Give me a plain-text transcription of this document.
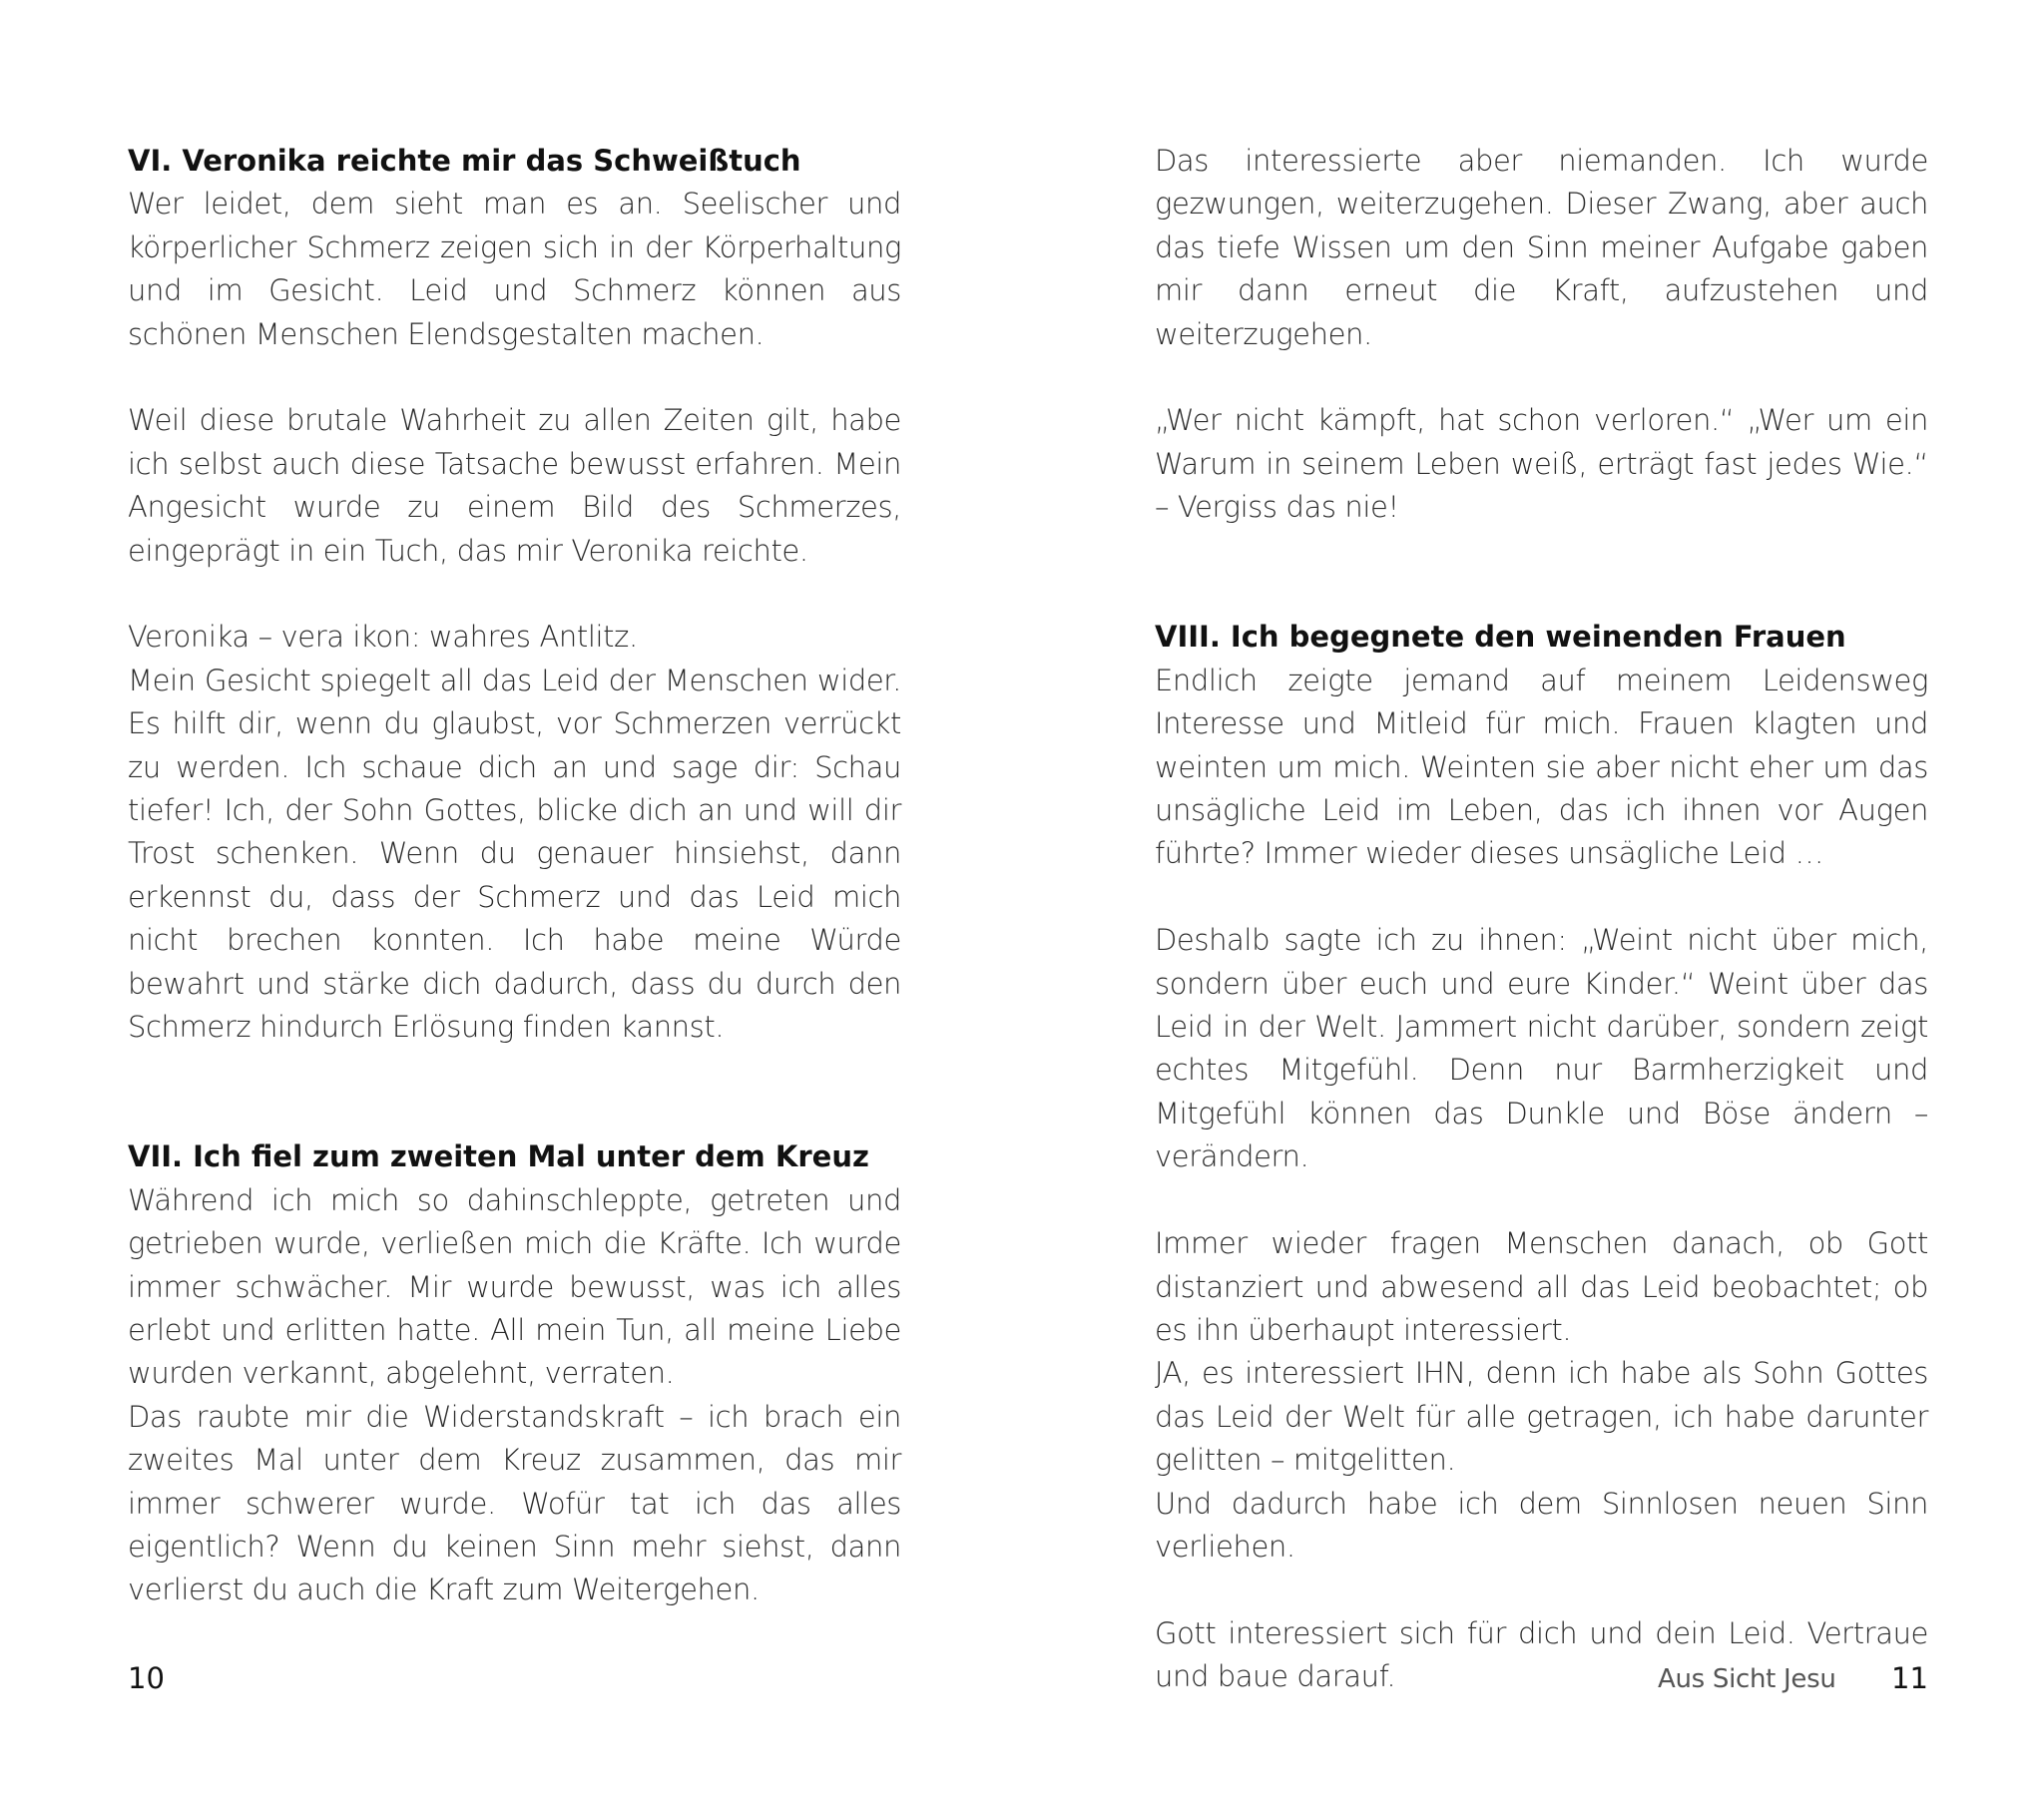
VI. Veronika reichte mir das Schweißtuch

Wer leidet, dem sieht man es an. Seelischer und körperlicher Schmerz zeigen sich in der Körperhaltung und im Gesicht. Leid und Schmerz können aus schönen Menschen Elendsgestalten machen.

Weil diese brutale Wahrheit zu allen Zeiten gilt, habe ich selbst auch diese Tatsache bewusst erfahren. Mein Angesicht wurde zu einem Bild des Schmerzes, eingeprägt in ein Tuch, das mir Veronika reichte.

Veronika – vera ikon: wahres Antlitz.

Mein Gesicht spiegelt all das Leid der Menschen wider. Es hilft dir, wenn du glaubst, vor Schmerzen verrückt zu werden. Ich schaue dich an und sage dir: Schau tiefer! Ich, der Sohn Gottes, blicke dich an und will dir Trost schenken. Wenn du genauer hinsiehst, dann erkennst du, dass der Schmerz und das Leid mich nicht brechen konnten. Ich habe meine Würde bewahrt und stärke dich dadurch, dass du durch den Schmerz hindurch Erlösung finden kannst.

VII. Ich fiel zum zweiten Mal unter dem Kreuz

Während ich mich so dahinschleppte, getreten und getrieben wurde, verließen mich die Kräfte. Ich wurde immer schwächer. Mir wurde bewusst, was ich alles erlebt und erlitten hatte. All mein Tun, all meine Liebe wurden verkannt, abgelehnt, verraten.

Das raubte mir die Widerstandskraft – ich brach ein zweites Mal unter dem Kreuz zusammen, das mir immer schwerer wurde. Wofür tat ich das alles eigentlich? Wenn du keinen Sinn mehr siehst, dann verlierst du auch die Kraft zum Weitergehen.

10

Das interessierte aber niemanden. Ich wurde gezwungen, weiterzugehen. Dieser Zwang, aber auch das tiefe Wissen um den Sinn meiner Aufgabe gaben mir dann erneut die Kraft, aufzustehen und weiterzugehen.

„Wer nicht kämpft, hat schon verloren.“ „Wer um ein Warum in seinem Leben weiß, erträgt fast jedes Wie.“ – Vergiss das nie!

VIII. Ich begegnete den weinenden Frauen

Endlich zeigte jemand auf meinem Leidensweg Interesse und Mitleid für mich. Frauen klagten und weinten um mich. Weinten sie aber nicht eher um das unsägliche Leid im Leben, das ich ihnen vor Augen führte? Immer wieder dieses unsägliche Leid …

Deshalb sagte ich zu ihnen: „Weint nicht über mich, sondern über euch und eure Kinder.“ Weint über das Leid in der Welt. Jammert nicht darüber, sondern zeigt echtes Mitgefühl. Denn nur Barmherzigkeit und Mitgefühl können das Dunkle und Böse ändern – verändern.

Immer wieder fragen Menschen danach, ob Gott distanziert und abwesend all das Leid beobachtet; ob es ihn überhaupt interessiert.

JA, es interessiert IHN, denn ich habe als Sohn Gottes das Leid der Welt für alle getragen, ich habe darunter gelitten – mitgelitten.

Und dadurch habe ich dem Sinnlosen neuen Sinn verliehen.

Gott interessiert sich für dich und dein Leid. Vertraue und baue darauf.	Aus Sicht Jesu 11
